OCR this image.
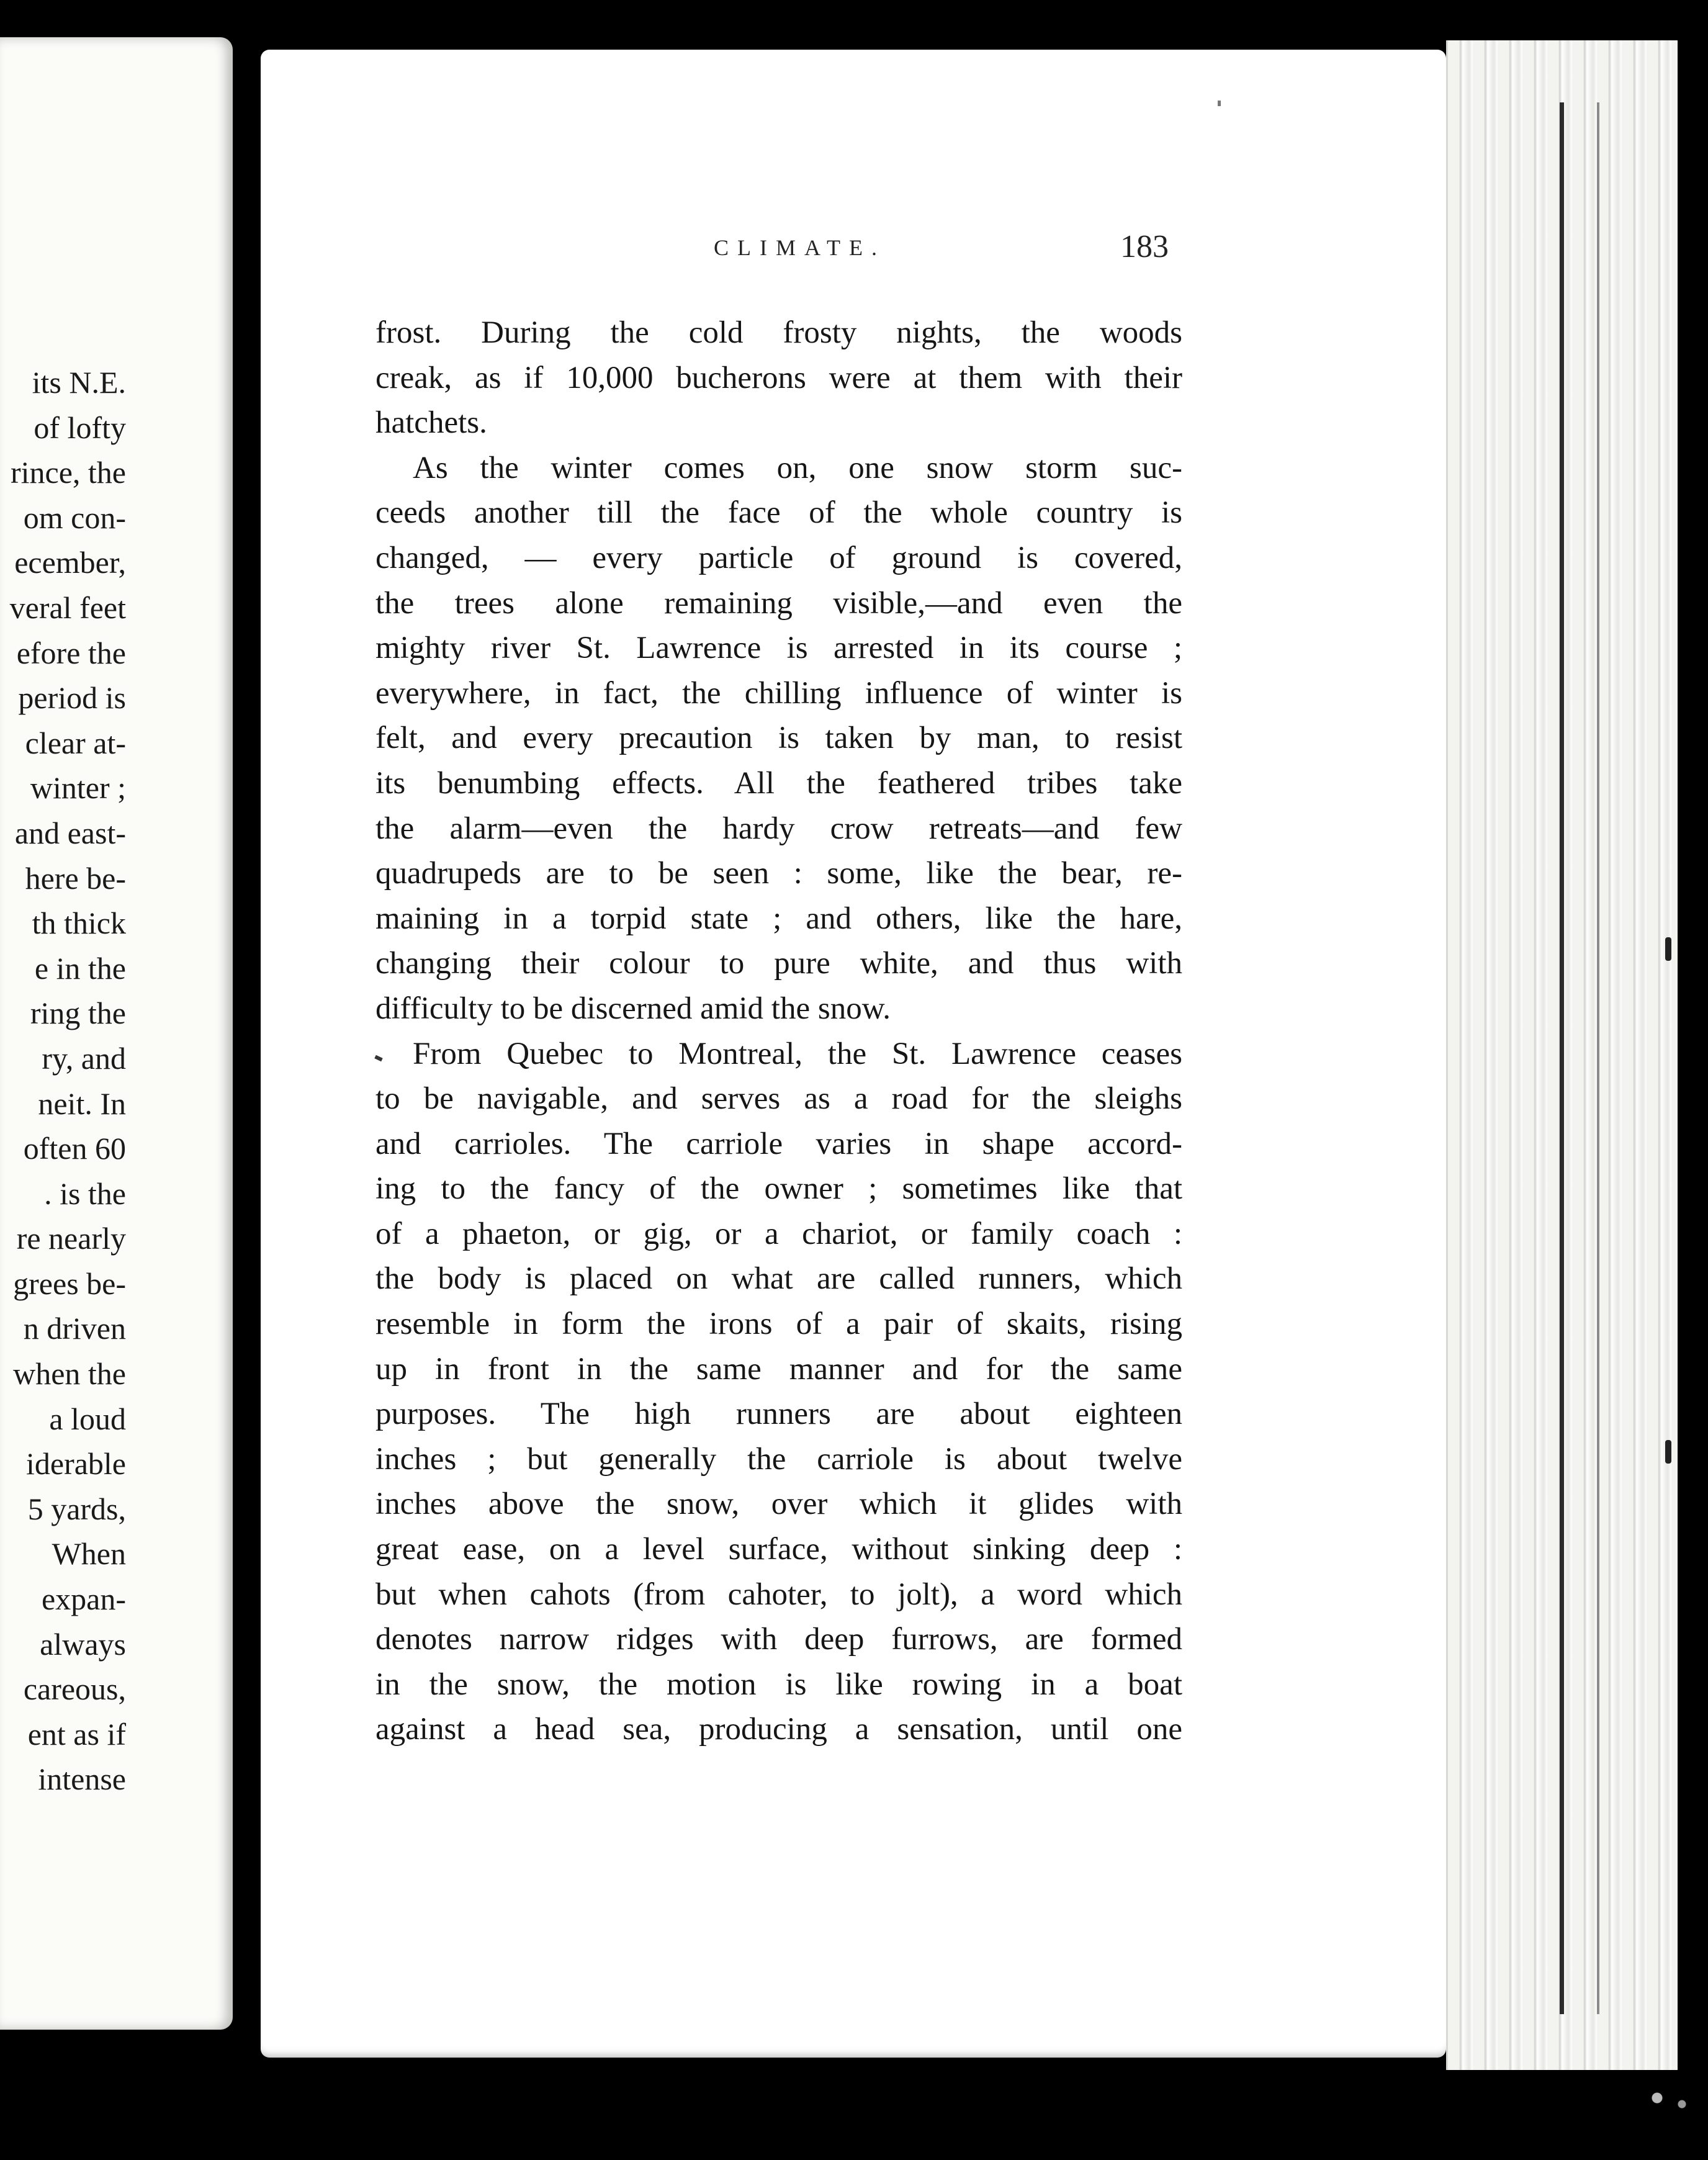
its N.E.
of lofty
rince, the
om con-
ecember,
veral feet
efore the
period is
clear at-
winter ;
and east-
here be-
th thick
e in the
ring the
ry, and
neit. In
often 60
. is the
re nearly
grees be-
n driven
when the
a loud
iderable
5 yards,
When
expan-
always
careous,
ent as if
intense
CLIMATE.	183
frost. During the cold frosty nights, the woods
creak, as if 10,000 bucherons were at them with their
hatchets.
As the winter comes on, one snow storm suc-
ceeds another till the face of the whole country is
changed, — every particle of ground is covered,
the trees alone remaining visible,—and even the
mighty river St. Lawrence is arrested in its course ;
everywhere, in fact, the chilling influence of winter is
felt, and every precaution is taken by man, to resist
its benumbing effects. All the feathered tribes take
the alarm—even the hardy crow retreats—and few
quadrupeds are to be seen : some, like the bear, re-
maining in a torpid state ; and others, like the hare,
changing their colour to pure white, and thus with
difficulty to be discerned amid the snow.
From Quebec to Montreal, the St. Lawrence ceases
to be navigable, and serves as a road for the sleighs
and carrioles. The carriole varies in shape accord-
ing to the fancy of the owner ; sometimes like that
of a phaeton, or gig, or a chariot, or family coach :
the body is placed on what are called runners, which
resemble in form the irons of a pair of skaits, rising
up in front in the same manner and for the same
purposes. The high runners are about eighteen
inches ; but generally the carriole is about twelve
inches above the snow, over which it glides with
great ease, on a level surface, without sinking deep :
but when cahots (from cahoter, to jolt), a word which
denotes narrow ridges with deep furrows, are formed
in the snow, the motion is like rowing in a boat
against a head sea, producing a sensation, until one
